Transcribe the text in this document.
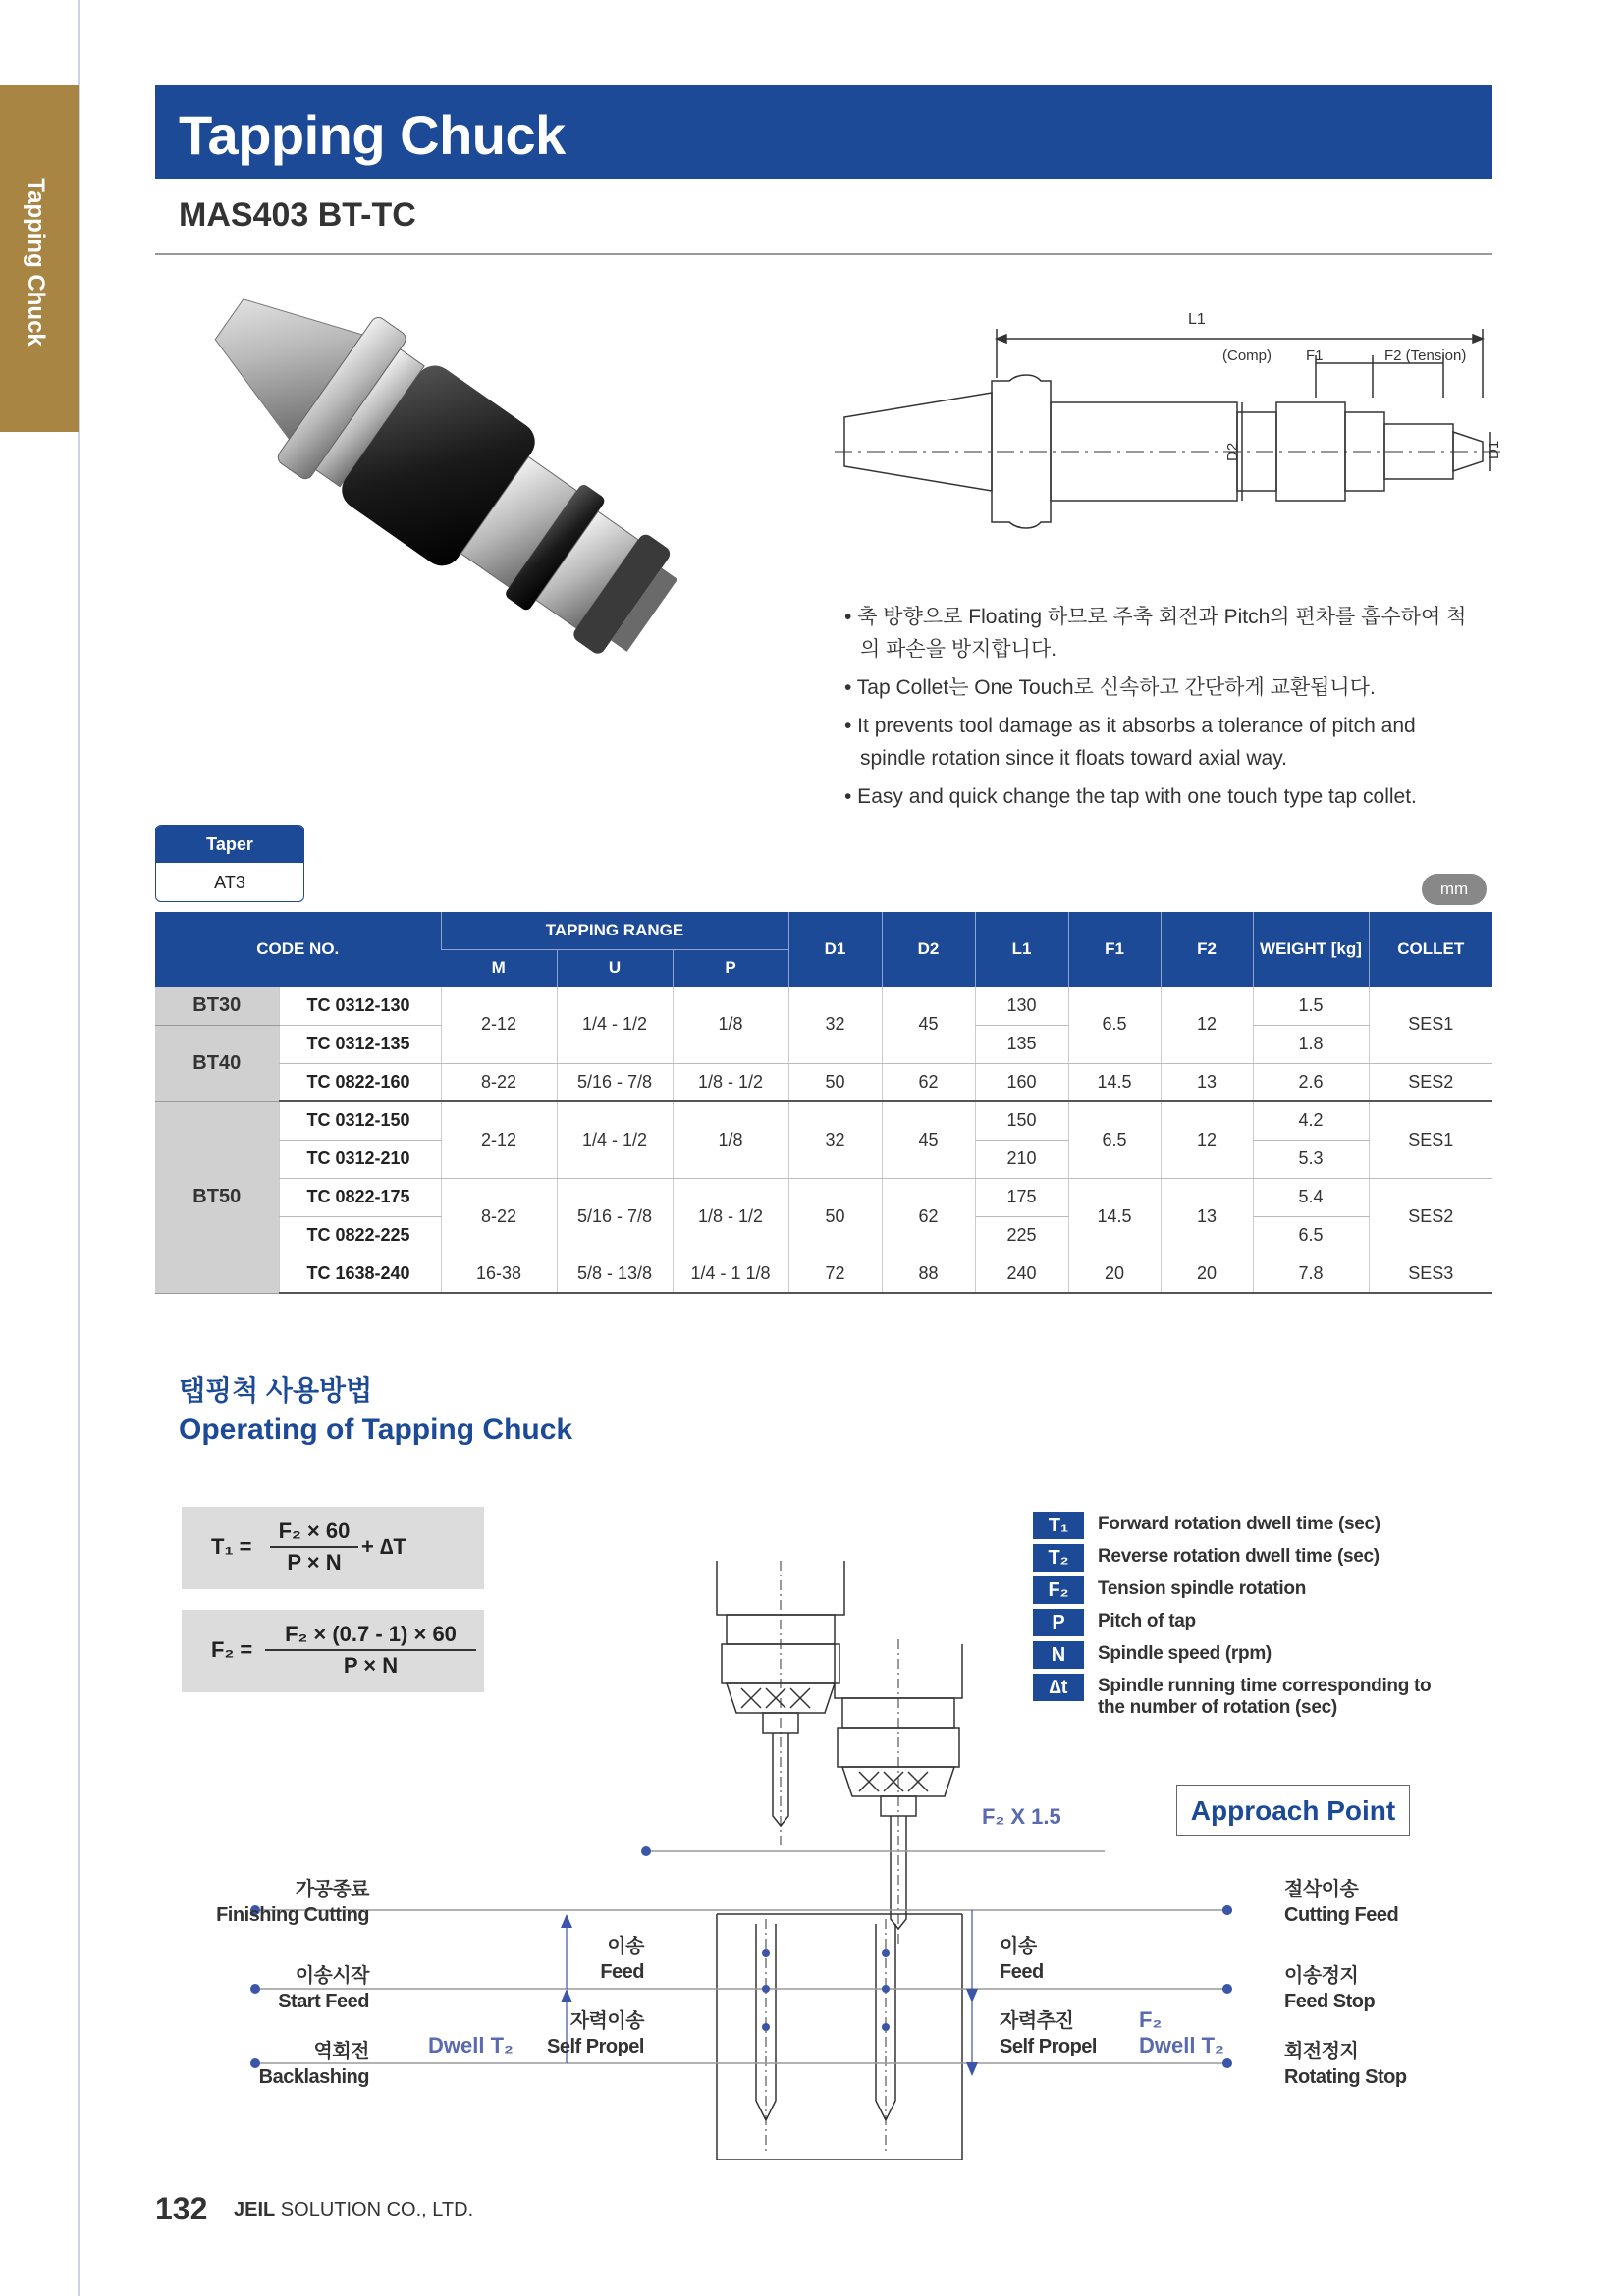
Tapping Chuck
Tapping Chuck
MAS403 BT-TC
L1
(Comp) F1	F2 (Tension)
D1
D2
• 축 방향으로 Floating 하므로 주축 회전과 Pitch의 편차를 흡수하여 척의 파손을 방지합니다.
• Tap Collet는 One Touch로 신속하고 간단하게 교환됩니다.
• It prevents tool damage as it absorbs a tolerance of pitch and spindle rotation since it floats toward axial way.
• Easy and quick change the tap with one touch type tap collet.
Taper
AT3	mm
CODE NO.		TAPPING RANGE			D1	D2	L1	F1	F2	WEIGHT [kg]	COLLET
		M	U	P							
BT30	TC 0312-130	2-12	1/4 - 1/2	1/8	32	45	130	6.5	12	1.5	SES1
BT40	TC 0312-135						135			1.8	
	TC 0822-160	8-22	5/16 - 7/8	1/8 - 1/2	50	62	160	14.5	13	2.6	SES2
BT50	TC 0312-150	2-12	1/4 - 1/2	1/8	32	45	150	6.5	12	4.2	SES1
	TC 0312-210						210			5.3	
	TC 0822-175	8-22	5/16 - 7/8	1/8 - 1/2	50	62	175	14.5	13	5.4	SES2
	TC 0822-225						225			6.5	
	TC 1638-240	16-38	5/8 - 13/8	1/4 - 1 1/8	72	88	240	20	20	7.8	SES3
탭핑척 사용방법
Operating of Tapping Chuck
$T_1 = \frac{\text{F₂ × 60}}{P \times N} + \Delta T$
$F_2 = \frac{\text{F₂ × (0.7 - 1) × 60}}{P \times N}$
T₁	Forward rotation dwell time (sec)
T₂	Reverse rotation dwell time (sec)
F₂	Tension spindle rotation
P	Pitch of tap
N	Spindle speed (rpm)
∆t	Spindle running time corresponding to the number of rotation (sec)
Approach Point
F₂ X 1.5
가공종료
Finishing Cutting
이송시작
Start Feed
역회전
Backlashing
Dwell T₂
이송
Feed
자력이송
Self Propel
이송
Feed
자력추진
Self Propel
F₂
Dwell T₂
절삭이송
Cutting Feed
이송정지
Feed Stop
회전정지
Rotating Stop
132 JEIL SOLUTION CO., LTD.
